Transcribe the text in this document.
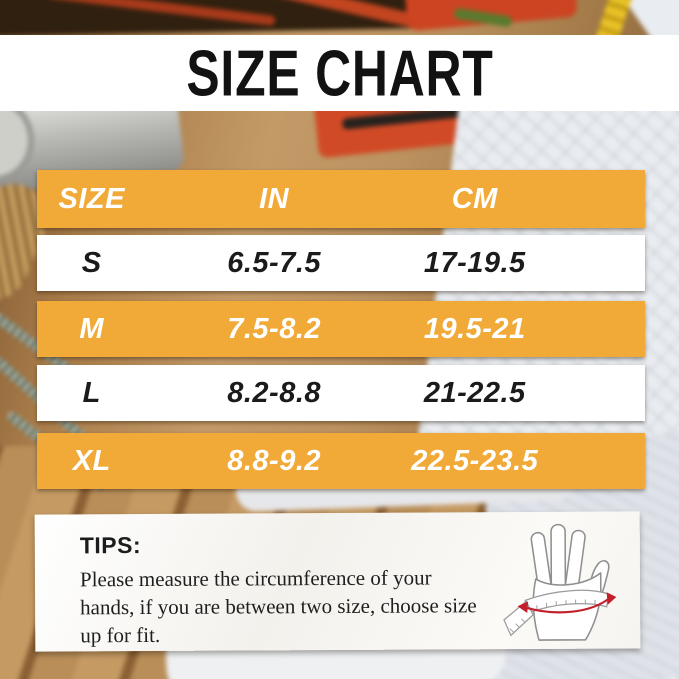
SIZE CHART
SIZE	IN	CM
S	6.5-7.5	17-19.5
M	7.5-8.2	19.5-21
L	8.2-8.8	21-22.5
XL	8.8-9.2	22.5-23.5
TIPS:
Please measure the circumference of your hands, if you are between two size, choose size up for fit.
